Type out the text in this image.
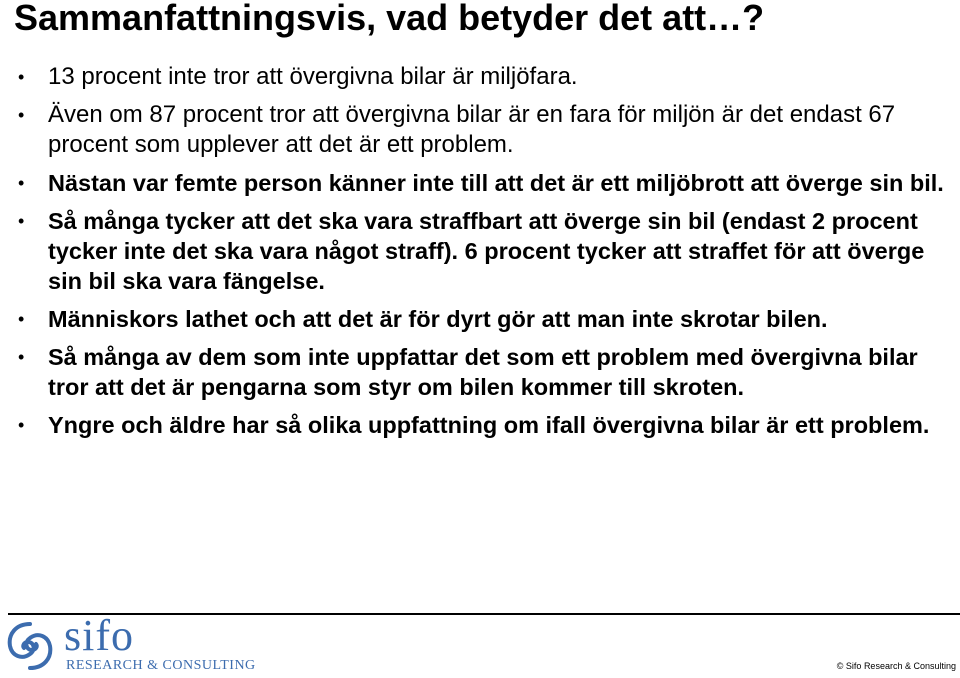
Sammanfattningsvis, vad betyder det att…?
• 13 procent inte tror att övergivna bilar är miljöfara.
• Även om 87 procent tror att övergivna bilar är en fara för miljön är det endast 67 procent som upplever att det är ett problem.
• Nästan var femte person känner inte till att det är ett miljöbrott att överge sin bil.
• Så många tycker att det ska vara straffbart att överge sin bil (endast 2 procent tycker inte det ska vara något straff). 6 procent tycker att straffet för att överge sin bil ska vara fängelse.
• Människors lathet och att det är för dyrt gör att man inte skrotar bilen.
• Så många av dem som inte uppfattar det som ett problem med övergivna bilar tror att det är pengarna som styr om bilen kommer till skroten.
• Yngre och äldre har så olika uppfattning om ifall övergivna bilar är ett problem.
sifo
RESEARCH & CONSULTING	© Sifo Research & Consulting
